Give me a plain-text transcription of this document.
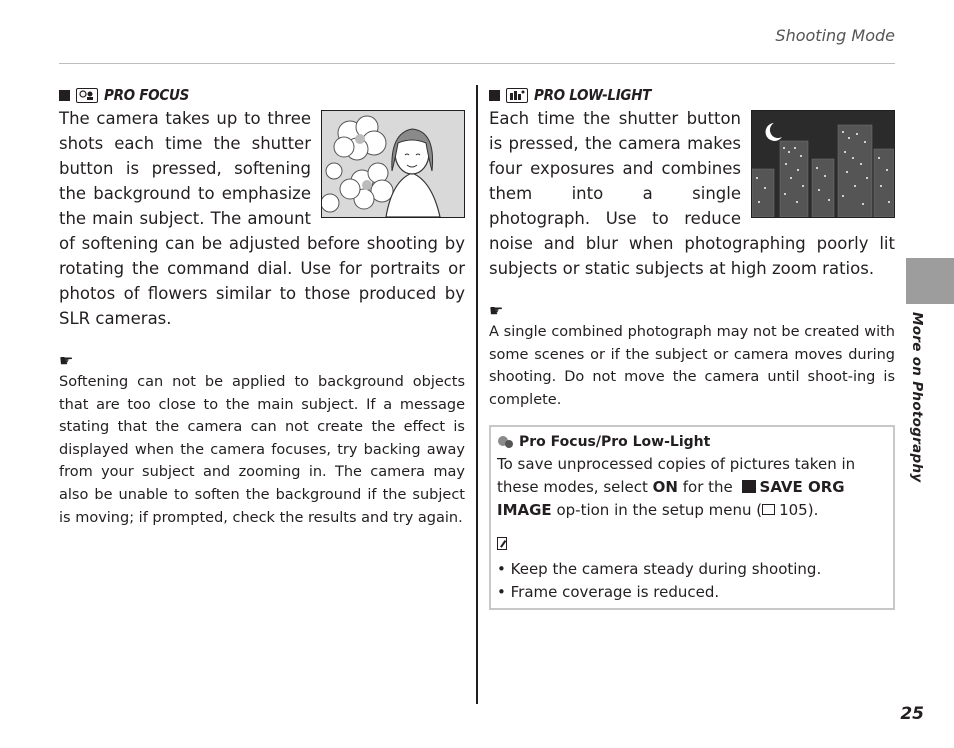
Shooting Mode
PRO FOCUS
The camera takes up to three shots each time the shutter button is pressed, softening the background to emphasize the main subject. The amount of softening can be adjusted before shooting by rotating the command dial. Use for portraits or photos of flowers similar to those produced by SLR cameras.
☛
Softening can not be applied to background objects that are too close to the main subject. If a message stating that the camera can not create the effect is displayed when the camera focuses, try backing away from your subject and zooming in. The camera may also be unable to soften the background if the subject is moving; if prompted, check the results and try again.
PRO LOW-LIGHT
Each time the shutter button is pressed, the camera makes four exposures and combines them into a single photograph. Use to reduce noise and blur when photographing poorly lit subjects or static subjects at high zoom ratios.
☛
A single combined photograph may not be created with some scenes or if the subject or camera moves during shooting. Do not move the camera until shoot-ing is complete.
Pro Focus/Pro Low-Light
To save unprocessed copies of pictures taken in these modes, select ON for the SAVE ORG IMAGE op-tion in the setup menu ( 105).
• Keep the camera steady during shooting.
• Frame coverage is reduced.
More on Photography
25
